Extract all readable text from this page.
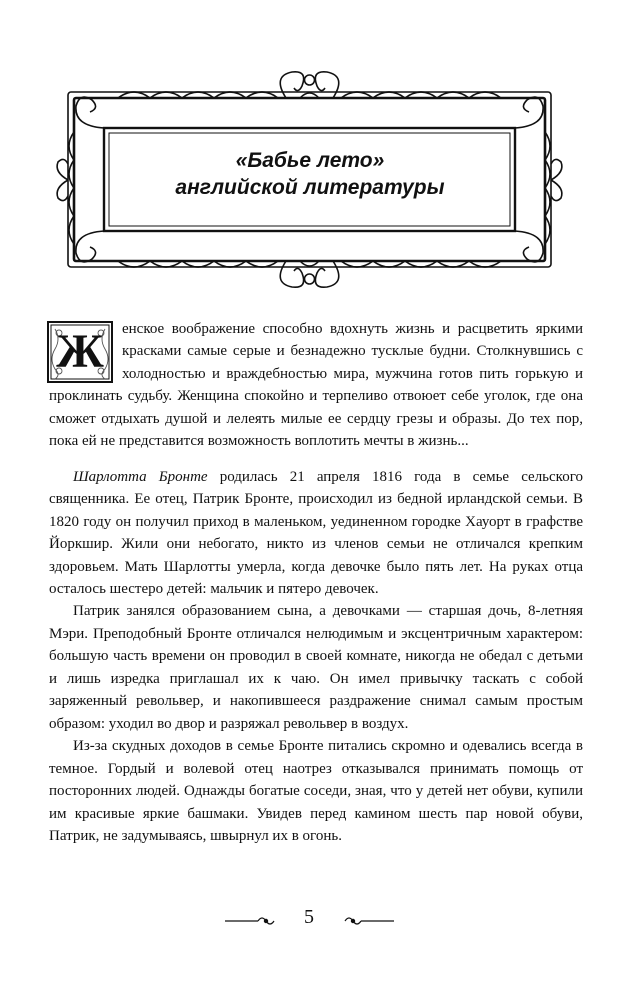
«Бабье лето»
английской литературы

Ж	енское воображение способно вдохнуть жизнь и расцветить яркими красками самые серые и безнадежно тусклые будни. Столкнувшись с холодностью и враждебностью мира, мужчина готов пить горькую и проклинать судьбу. Женщина спокойно и терпеливо отвоюет себе уголок, где она сможет отдыхать душой и лелеять милые ее сердцу грезы и образы. До тех пор, пока ей не представится возможность воплотить мечты в жизнь...

Шарлотта Бронте родилась 21 апреля 1816 года в семье сельского священника. Ее отец, Патрик Бронте, происходил из бедной ирландской семьи. В 1820 году он получил приход в маленьком, уединенном городке Хауорт в графстве Йоркшир. Жили они небогато, никто из членов семьи не отличался крепким здоровьем. Мать Шарлотты умерла, когда девочке было пять лет. На руках отца осталось шестеро детей: мальчик и пятеро девочек.

Патрик занялся образованием сына, а девочками — старшая дочь, 8-летняя Мэри. Преподобный Бронте отличался нелюдимым и эксцентричным характером: большую часть времени он проводил в своей комнате, никогда не обедал с детьми и лишь изредка приглашал их к чаю. Он имел привычку таскать с собой заряженный револьвер, и накопившееся раздражение снимал самым простым образом: уходил во двор и разряжал револьвер в воздух.

Из-за скудных доходов в семье Бронте питались скромно и одевались всегда в темное. Гордый и волевой отец наотрез отказывался принимать помощь от посторонних людей. Однажды богатые соседи, зная, что у детей нет обуви, купили им красивые яркие башмаки. Увидев перед камином шесть пар новой обуви, Патрик, не задумываясь, швырнул их в огонь.

5
